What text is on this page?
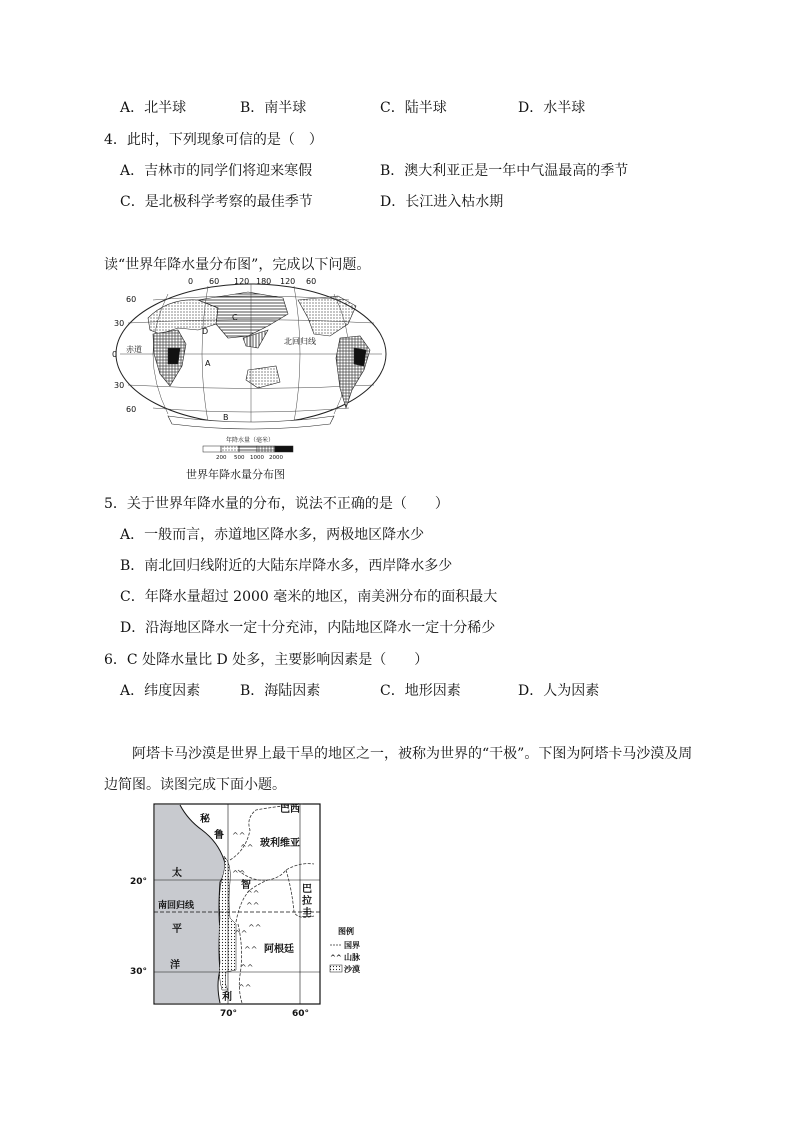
A．北半球	B．南半球	C．陆半球	D．水半球
4．此时，下列现象可信的是（　）
A．吉林市的同学们将迎来寒假	B．澳大利亚正是一年中气温最高的季节
C．是北极科学考察的最佳季节	D．长江进入枯水期
读“世界年降水量分布图”，完成以下问题。
0 60 120 180 120 60
60
30
0
30
60
赤道
北回归线
A
B
C
D
年降水量（毫米）
200 500 1000 2000
世界年降水量分布图
5．关于世界年降水量的分布，说法不正确的是（　　）
A．一般而言，赤道地区降水多，两极地区降水少
B．南北回归线附近的大陆东岸降水多，西岸降水多少
C．年降水量超过 2000 毫米的地区，南美洲分布的面积最大
D．沿海地区降水一定十分充沛，内陆地区降水一定十分稀少
6．C 处降水量比 D 处多，主要影响因素是（　　）
A．纬度因素	B．海陆因素	C．地形因素	D．人为因素
阿塔卡马沙漠是世界上最干旱的地区之一，被称为世界的“干极”。下图为阿塔卡马沙漠及周
边简图。读图完成下面小题。
^^
^^
^^
^^
^^
^^
^^
^^
^^
^^
秘
鲁
玻利维亚
巴西
巴
拉
圭
智
利
阿根廷
太
平
洋
南回归线
20°
30°
70°	60°
图例
国界
^^ 山脉
沙漠
